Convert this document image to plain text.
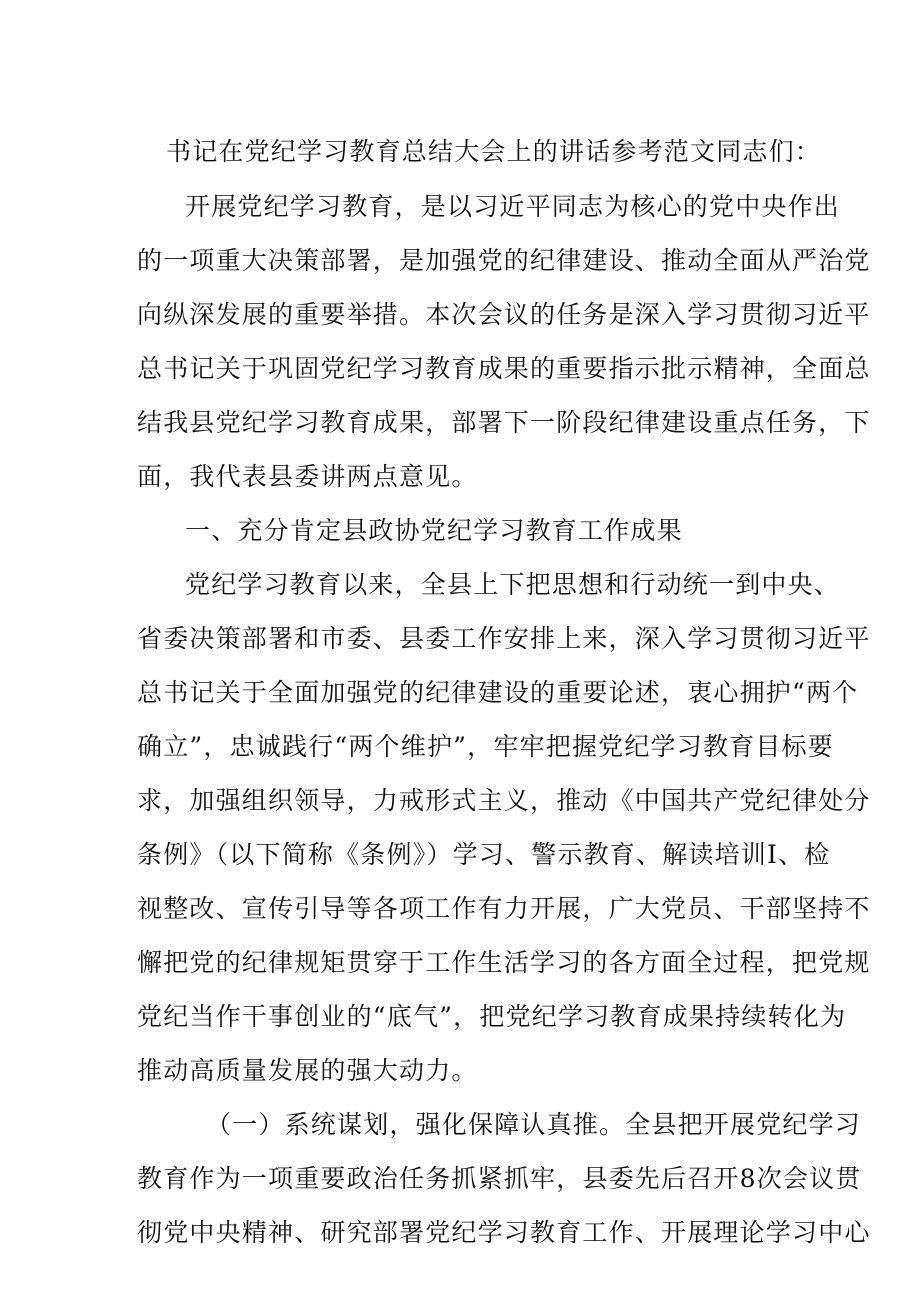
书记在党纪学习教育总结大会上的讲话参考范文同志们：
开展党纪学习教育，是以习近平同志为核心的党中央作出
的一项重大决策部署，是加强党的纪律建设、推动全面从严治党
向纵深发展的重要举措。本次会议的任务是深入学习贯彻习近平
总书记关于巩固党纪学习教育成果的重要指示批示精神，全面总
结我县党纪学习教育成果，部署下一阶段纪律建设重点任务，下
面，我代表县委讲两点意见。
一、充分肯定县政协党纪学习教育工作成果
党纪学习教育以来，全县上下把思想和行动统一到中央、
省委决策部署和市委、县委工作安排上来，深入学习贯彻习近平
总书记关于全面加强党的纪律建设的重要论述，衷心拥护“两个
确立”，忠诚践行“两个维护”，牢牢把握党纪学习教育目标要
求，加强组织领导，力戒形式主义，推动《中国共产党纪律处分
条例》（以下简称《条例》）学习、警示教育、解读培训I、检
视整改、宣传引导等各项工作有力开展，广大党员、干部坚持不
懈把党的纪律规矩贯穿于工作生活学习的各方面全过程，把党规
党纪当作干事创业的“底气”，把党纪学习教育成果持续转化为
推动高质量发展的强大动力。
（一）系统谋划，强化保障认真推。全县把开展党纪学习
教育作为一项重要政治任务抓紧抓牢，县委先后召开8次会议贯
彻党中央精神、研究部署党纪学习教育工作、开展理论学习中心
